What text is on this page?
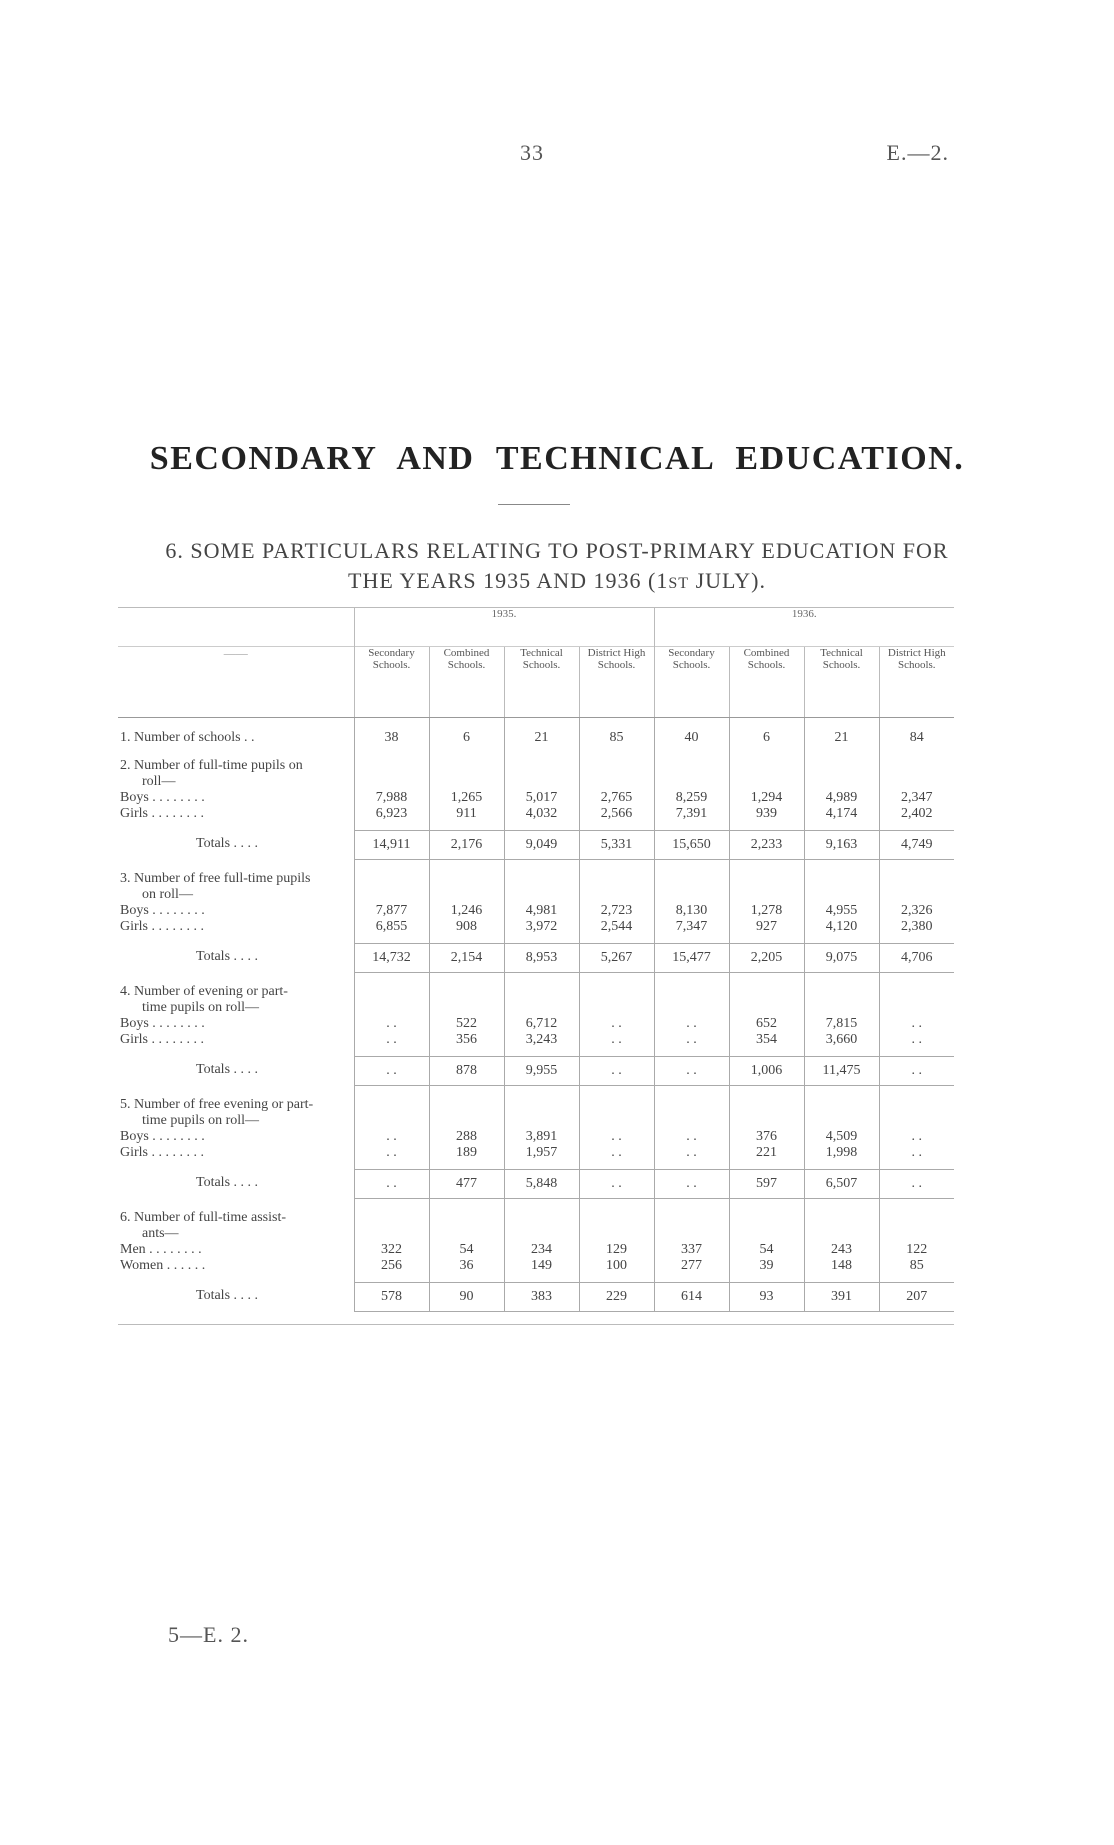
33	E.—2.
SECONDARY AND TECHNICAL EDUCATION.
6. SOME PARTICULARS RELATING TO POST-PRIMARY EDUCATION FOR
THE YEARS 1935 AND 1936 (1ST JULY).
	1935.				1936.			
——	Secondary Schools.	Combined Schools.	Technical Schools.	District High Schools.	Secondary Schools.	Combined Schools.	Technical Schools.	District High Schools.
1. Number of schools . .	38	6	21	85	40	6	21	84

2. Number of full-time pupils on
roll—								

Boys . . . . . . . .	7,988	1,265	5,017	2,765	8,259	1,294	4,989	2,347
Girls . . . . . . . .	6,923	911	4,032	2,566	7,391	939	4,174	2,402

Totals . . . .	14,911	2,176	9,049	5,331	15,650	2,233	9,163	4,749

3. Number of free full-time pupils
on roll—								

Boys . . . . . . . .	7,877	1,246	4,981	2,723	8,130	1,278	4,955	2,326
Girls . . . . . . . .	6,855	908	3,972	2,544	7,347	927	4,120	2,380

Totals . . . .	14,732	2,154	8,953	5,267	15,477	2,205	9,075	4,706

4. Number of evening or part-
time pupils on roll—								

Boys . . . . . . . .	. .	522	6,712	. .	. .	652	7,815	. .
Girls . . . . . . . .	. .	356	3,243	. .	. .	354	3,660	. .

Totals . . . .	. .	878	9,955	. .	. .	1,006	11,475	. .

5. Number of free evening or part-
time pupils on roll—								

Boys . . . . . . . .	. .	288	3,891	. .	. .	376	4,509	. .
Girls . . . . . . . .	. .	189	1,957	. .	. .	221	1,998	. .

Totals . . . .	. .	477	5,848	. .	. .	597	6,507	. .

6. Number of full-time assist-
ants—								

Men . . . . . . . .	322	54	234	129	337	54	243	122
Women . . . . . .	256	36	149	100	277	39	148	85

Totals . . . .	578	90	383	229	614	93	391	207

5—E. 2.
